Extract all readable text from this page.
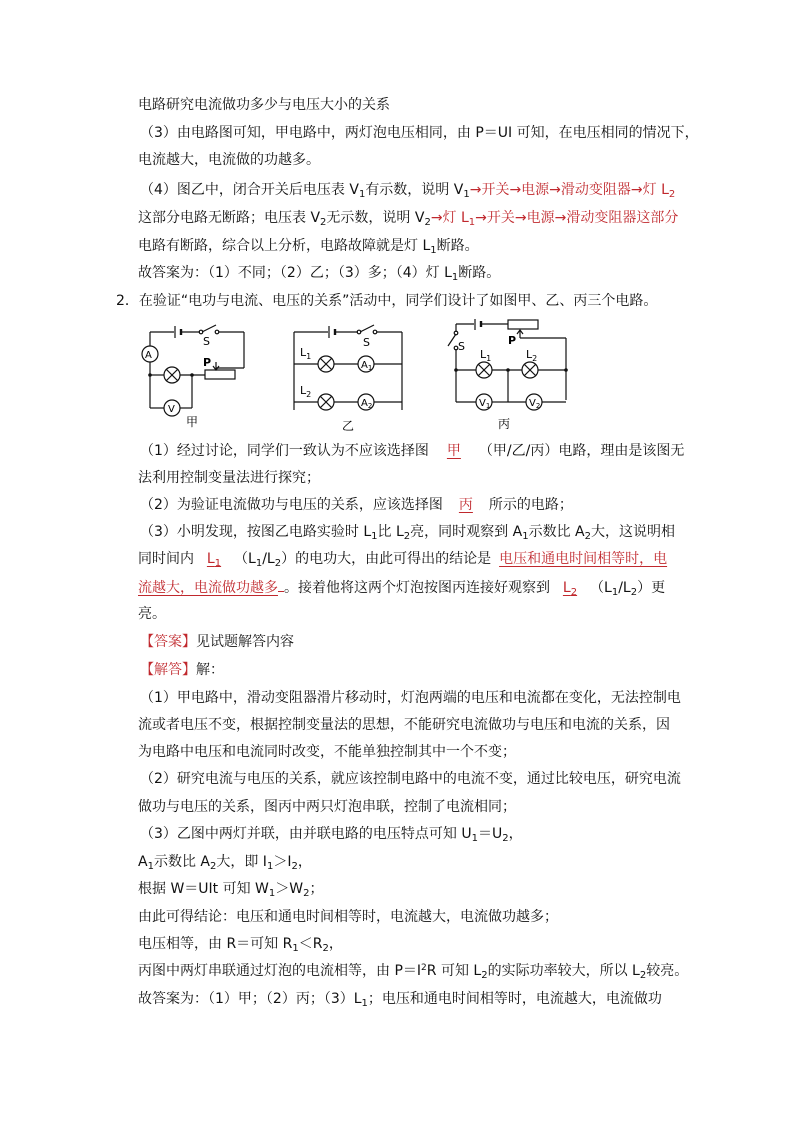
电路研究电流做功多少与电压大小的关系
（3）由电路图可知，甲电路中，两灯泡电压相同，由 P＝UI 可知，在电压相同的情况下，
电流越大，电流做的功越多。
（4）图乙中，闭合开关后电压表 $V_1$有示数，说明 $V_1\to$开关→电源→滑动变阻器→灯 $L_2$
这部分电路无断路；电压表 $V_2$无示数，说明 $V_2\to$灯 $L_1\to$开关→电源→滑动变阻器这部分
电路有断路，综合以上分析，电路故障就是灯 $L_1$断路。
故答案为：（1）不同；（2）乙；（3）多；（4）灯 $L_1$断路。
2．在验证“电功与电流、电压的关系”活动中，同学们设计了如图甲、乙、丙三个电路。
S
P
A
V
甲
S
$L_1$
$L_2$
$A_1$
$A_2$
乙
S	P
$L_1$	$L_2$
$V_1$	$V_2$
丙
（1）经过讨论，同学们一致认为不应该选择图 甲 （甲/乙/丙）电路，理由是该图无
法利用控制变量法进行探究；
（2）为验证电流做功与电压的关系，应该选择图 丙 所示的电路；
（3）小明发现，按图乙电路实验时 $L_1$比 $L_2$亮，同时观察到 $A_1$示数比 $A_2$大，这说明相
同时间内 $L_1$ $(L_1/L_2)$的电功大，由此可得出的结论是 电压和通电时间相等时，电
流越大，电流做功越多 。接着他将这两个灯泡按图丙连接好观察到 $L_2$ $(L_1/L_2)$更
亮。
【答案】见试题解答内容
【解答】解：
（1）甲电路中，滑动变阻器滑片移动时，灯泡两端的电压和电流都在变化，无法控制电
流或者电压不变，根据控制变量法的思想，不能研究电流做功与电压和电流的关系，因
为电路中电压和电流同时改变，不能单独控制其中一个不变；
（2）研究电流与电压的关系，就应该控制电路中的电流不变，通过比较电压，研究电流
做功与电压的关系，图丙中两只灯泡串联，控制了电流相同；
（3）乙图中两灯并联，由并联电路的电压特点可知 $U_1=U_2$，
$A_1$示数比 $A_2$大，即 $I_1>I_2$，
根据 W＝UIt 可知 $W_1>W_2$；
由此可得结论：电压和通电时间相等时，电流越大，电流做功越多；
电压相等，由 R＝可知 $R_1<R_2$，
丙图中两灯串联通过灯泡的电流相等，由 $P=I^2R$ 可知 $L_2$的实际功率较大，所以 $L_2$较亮。
故答案为：（1）甲；（2）丙；$(3)L_1$；电压和通电时间相等时，电流越大，电流做功
